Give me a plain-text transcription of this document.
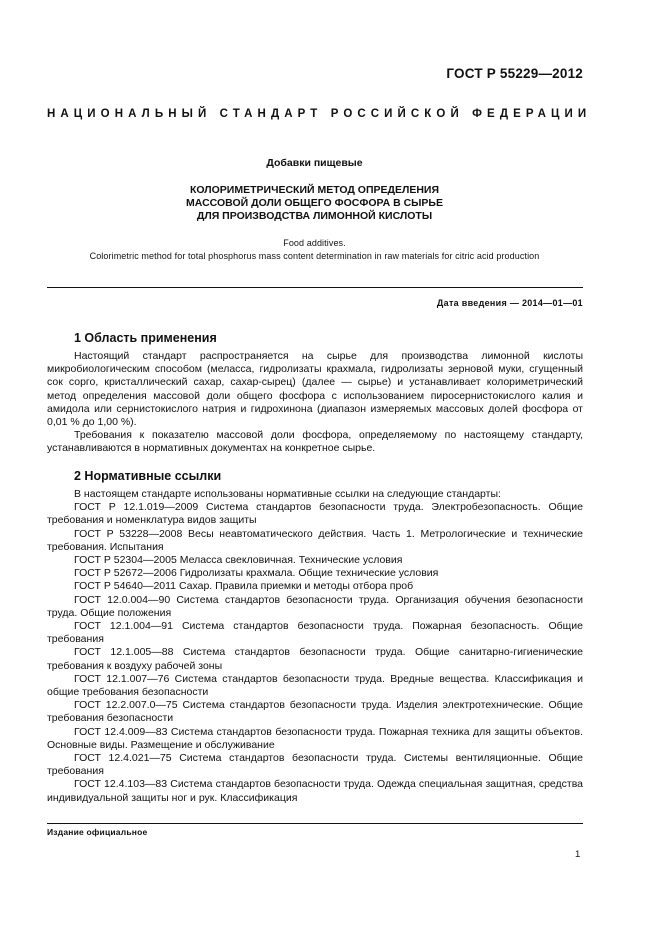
ГОСТ Р 55229—2012
НАЦИОНАЛЬНЫЙ СТАНДАРТ РОССИЙСКОЙ ФЕДЕРАЦИИ
Добавки пищевые
КОЛОРИМЕТРИЧЕСКИЙ МЕТОД ОПРЕДЕЛЕНИЯ
МАССОВОЙ ДОЛИ ОБЩЕГО ФОСФОРА В СЫРЬЕ
ДЛЯ ПРОИЗВОДСТВА ЛИМОННОЙ КИСЛОТЫ
Food additives.
Colorimetric method for total phosphorus mass content determination in raw materials for citric acid production
Дата введения — 2014—01—01
1 Область применения

Настоящий стандарт распространяется на сырье для производства лимонной кислоты микробиологическим способом (меласса, гидролизаты крахмала, гидролизаты зерновой муки, сгущенный сок сорго, кристаллический сахар, сахар-сырец) (далее — сырье) и устанавливает колориметрический метод определения массовой доли общего фосфора с использованием пиросернистокислого калия и амидола или сернистокислого натрия и гидрохинона (диапазон измеряемых массовых долей фосфора от 0,01 % до 1,00 %).

Требования к показателю массовой доли фосфора, определяемому по настоящему стандарту, устанавливаются в нормативных документах на конкретное сырье.

2 Нормативные ссылки

В настоящем стандарте использованы нормативные ссылки на следующие стандарты:

ГОСТ Р 12.1.019—2009 Система стандартов безопасности труда. Электробезопасность. Общие требования и номенклатура видов защиты

ГОСТ Р 53228—2008 Весы неавтоматического действия. Часть 1. Метрологические и технические требования. Испытания

ГОСТ Р 52304—2005 Меласса свекловичная. Технические условия

ГОСТ Р 52672—2006 Гидролизаты крахмала. Общие технические условия

ГОСТ Р 54640—2011 Сахар. Правила приемки и методы отбора проб

ГОСТ 12.0.004—90 Система стандартов безопасности труда. Организация обучения безопасности труда. Общие положения

ГОСТ 12.1.004—91 Система стандартов безопасности труда. Пожарная безопасность. Общие требования

ГОСТ 12.1.005—88 Система стандартов безопасности труда. Общие санитарно-гигиенические требования к воздуху рабочей зоны

ГОСТ 12.1.007—76 Система стандартов безопасности труда. Вредные вещества. Классификация и общие требования безопасности

ГОСТ 12.2.007.0—75 Система стандартов безопасности труда. Изделия электротехнические. Общие требования безопасности

ГОСТ 12.4.009—83 Система стандартов безопасности труда. Пожарная техника для защиты объектов. Основные виды. Размещение и обслуживание

ГОСТ 12.4.021—75 Система стандартов безопасности труда. Системы вентиляционные. Общие требования

ГОСТ 12.4.103—83 Система стандартов безопасности труда. Одежда специальная защитная, средства индивидуальной защиты ног и рук. Классификация

Издание официальное
1
